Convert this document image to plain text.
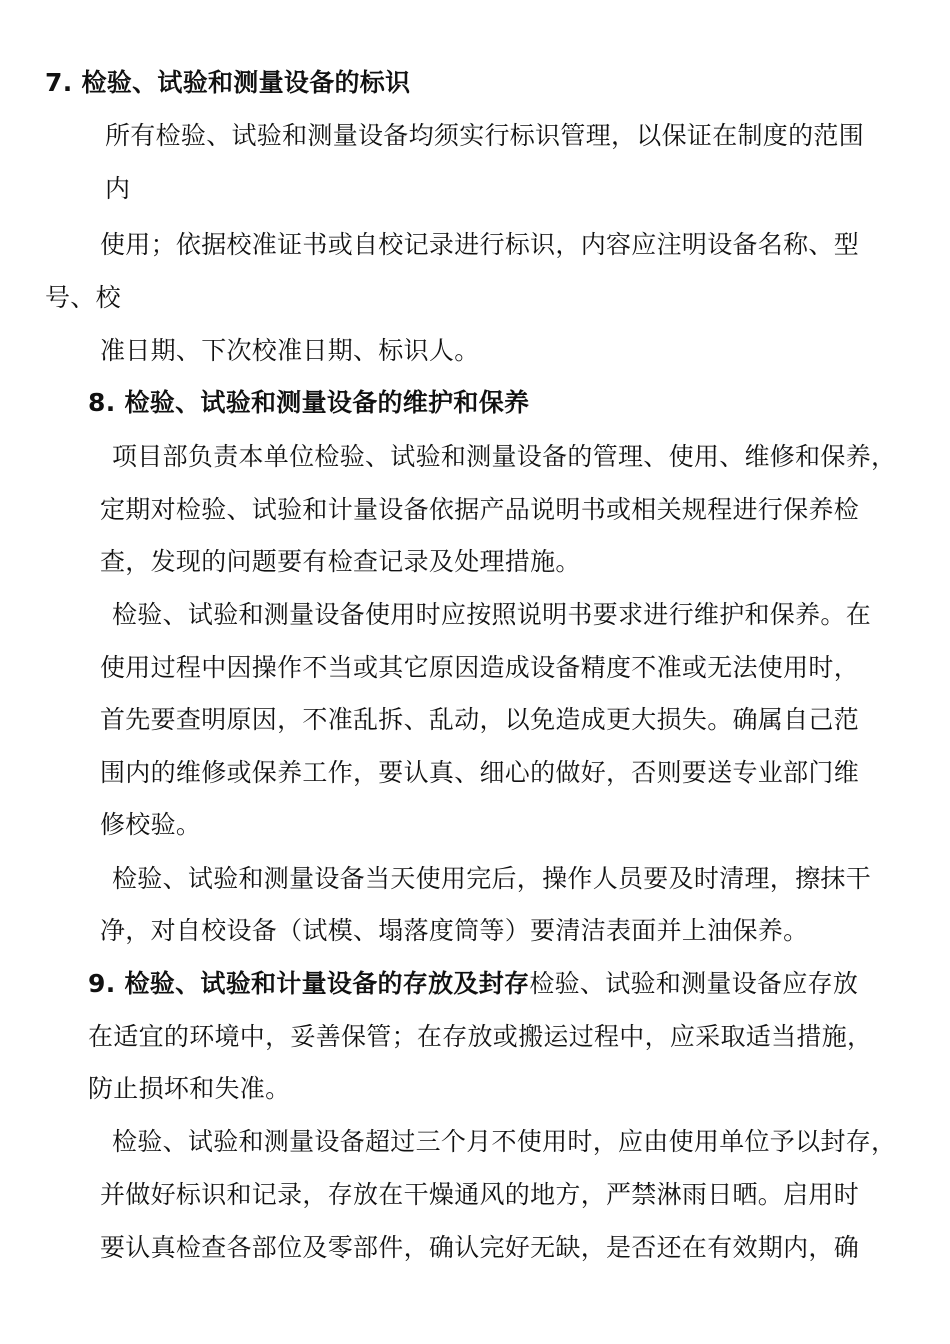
7. 检验、试验和测量设备的标识

所有检验、试验和测量设备均须实行标识管理，以保证在制度的范围

内

使用；依据校准证书或自校记录进行标识，内容应注明设备名称、型

号、校

准日期、下次校准日期、标识人。

8. 检验、试验和测量设备的维护和保养

项目部负责本单位检验、试验和测量设备的管理、使用、维修和保养，

定期对检验、试验和计量设备依据产品说明书或相关规程进行保养检

查，发现的问题要有检查记录及处理措施。

检验、试验和测量设备使用时应按照说明书要求进行维护和保养。在

使用过程中因操作不当或其它原因造成设备精度不准或无法使用时，

首先要查明原因，不准乱拆、乱动，以免造成更大损失。确属自己范

围内的维修或保养工作，要认真、细心的做好，否则要送专业部门维

修校验。

检验、试验和测量设备当天使用完后，操作人员要及时清理，擦抹干

净，对自校设备（试模、塌落度筒等）要清洁表面并上油保养。

9. 检验、试验和计量设备的存放及封存检验、试验和测量设备应存放

在适宜的环境中，妥善保管；在存放或搬运过程中，应采取适当措施，

防止损坏和失准。

检验、试验和测量设备超过三个月不使用时，应由使用单位予以封存，

并做好标识和记录，存放在干燥通风的地方，严禁淋雨日晒。启用时

要认真检查各部位及零部件，确认完好无缺，是否还在有效期内，确
